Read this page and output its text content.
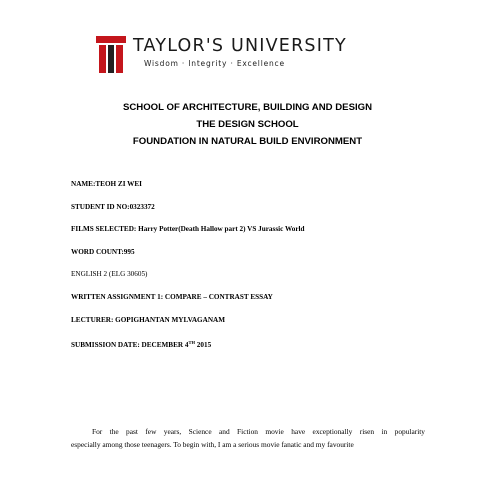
TAYLOR'S UNIVERSITY
Wisdom · Integrity · Excellence
SCHOOL OF ARCHITECTURE, BUILDING AND DESIGN
THE DESIGN SCHOOL
FOUNDATION IN NATURAL BUILD ENVIRONMENT
NAME:TEOH ZI WEI
STUDENT ID NO:0323372
FILMS SELECTED: Harry Potter(Death Hallow part 2) VS Jurassic World
WORD COUNT:995
ENGLISH 2 (ELG 30605)
WRITTEN ASSIGNMENT 1: COMPARE – CONTRAST ESSAY
LECTURER: GOPIGHANTAN MYLVAGANAM
SUBMISSION DATE: DECEMBER 4TH 2015

For the past few years, Science and Fiction movie have exceptionally risen in popularity

especially among those teenagers. To begin with, I am a serious movie fanatic and my favourite
